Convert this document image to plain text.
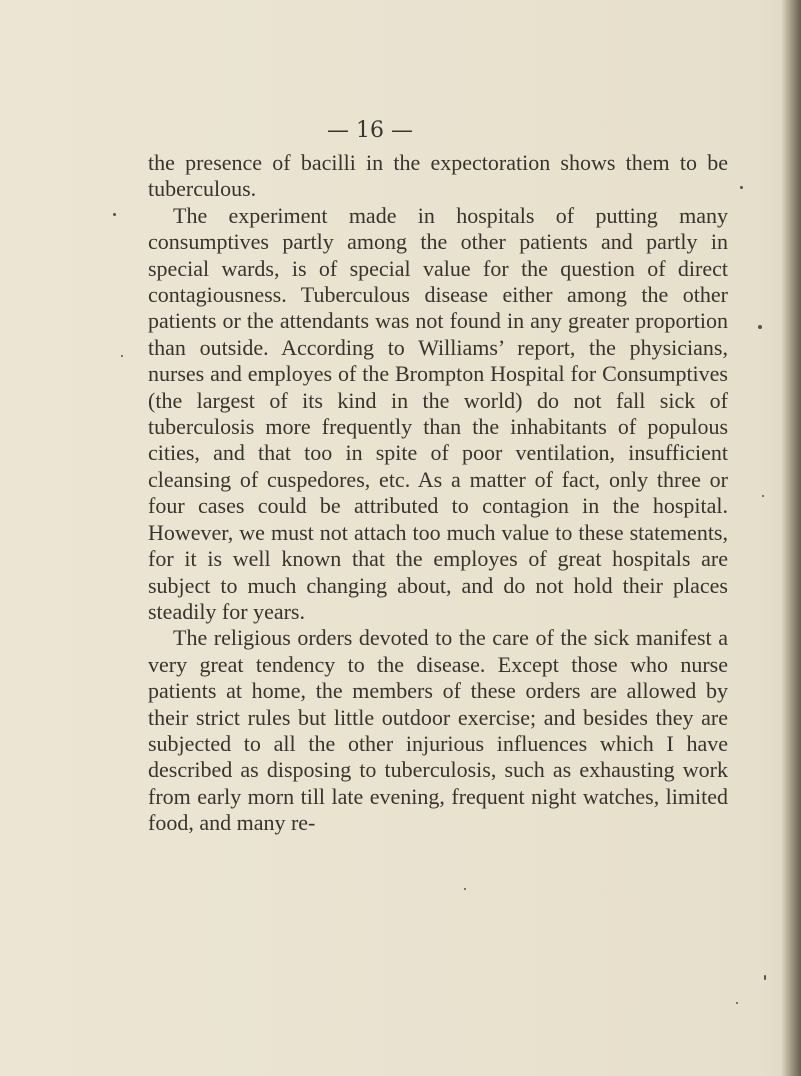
— 16 —

the presence of bacilli in the expectoration shows them to be tuberculous.

The experiment made in hospitals of putting many consumptives partly among the other patients and partly in special wards, is of special value for the question of direct contagiousness. Tuberculous disease either among the other patients or the attendants was not found in any greater proportion than outside. According to Williams’ report, the physicians, nurses and employes of the Brompton Hospital for Consumptives (the largest of its kind in the world) do not fall sick of tuberculosis more frequently than the inhabitants of populous cities, and that too in spite of poor ventilation, insufficient cleansing of cuspedores, etc. As a matter of fact, only three or four cases could be attributed to contagion in the hospital. However, we must not attach too much value to these statements, for it is well known that the employes of great hospitals are subject to much changing about, and do not hold their places steadily for years.

The religious orders devoted to the care of the sick manifest a very great tendency to the disease. Except those who nurse patients at home, the members of these orders are allowed by their strict rules but little outdoor exercise; and besides they are subjected to all the other injurious influences which I have described as disposing to tuberculosis, such as exhausting work from early morn till late evening, frequent night watches, limited food, and many re-
